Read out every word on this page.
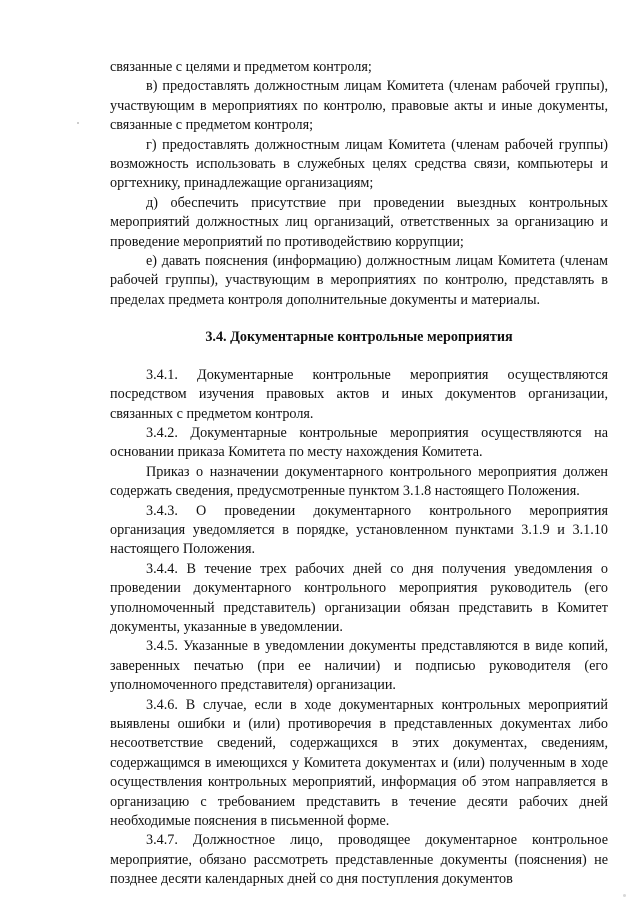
связанные с целями и предметом контроля;

в) предоставлять должностным лицам Комитета (членам рабочей группы), участвующим в мероприятиях по контролю, правовые акты и иные документы, связанные с предметом контроля;

г) предоставлять должностным лицам Комитета (членам рабочей группы) возможность использовать в служебных целях средства связи, компьютеры и оргтехнику, принадлежащие организациям;

д) обеспечить присутствие при проведении выездных контрольных мероприятий должностных лиц организаций, ответственных за организацию и проведение мероприятий по противодействию коррупции;

е) давать пояснения (информацию) должностным лицам Комитета (членам рабочей группы), участвующим в мероприятиях по контролю, представлять в пределах предмета контроля дополнительные документы и материалы.

3.4. Документарные контрольные мероприятия

3.4.1. Документарные контрольные мероприятия осуществляются посредством изучения правовых актов и иных документов организации, связанных с предметом контроля.

3.4.2. Документарные контрольные мероприятия осуществляются на основании приказа Комитета по месту нахождения Комитета.

Приказ о назначении документарного контрольного мероприятия должен содержать сведения, предусмотренные пунктом 3.1.8 настоящего Положения.

3.4.3. О проведении документарного контрольного мероприятия организация уведомляется в порядке, установленном пунктами 3.1.9 и 3.1.10 настоящего Положения.

3.4.4. В течение трех рабочих дней со дня получения уведомления о проведении документарного контрольного мероприятия руководитель (его уполномоченный представитель) организации обязан представить в Комитет документы, указанные в уведомлении.

3.4.5. Указанные в уведомлении документы представляются в виде копий, заверенных печатью (при ее наличии) и подписью руководителя (его уполномоченного представителя) организации.

3.4.6. В случае, если в ходе документарных контрольных мероприятий выявлены ошибки и (или) противоречия в представленных документах либо несоответствие сведений, содержащихся в этих документах, сведениям, содержащимся в имеющихся у Комитета документах и (или) полученным в ходе осуществления контрольных мероприятий, информация об этом направляется в организацию с требованием представить в течение десяти рабочих дней необходимые пояснения в письменной форме.

3.4.7. Должностное лицо, проводящее документарное контрольное мероприятие, обязано рассмотреть представленные документы (пояснения) не позднее десяти календарных дней со дня поступления документов
